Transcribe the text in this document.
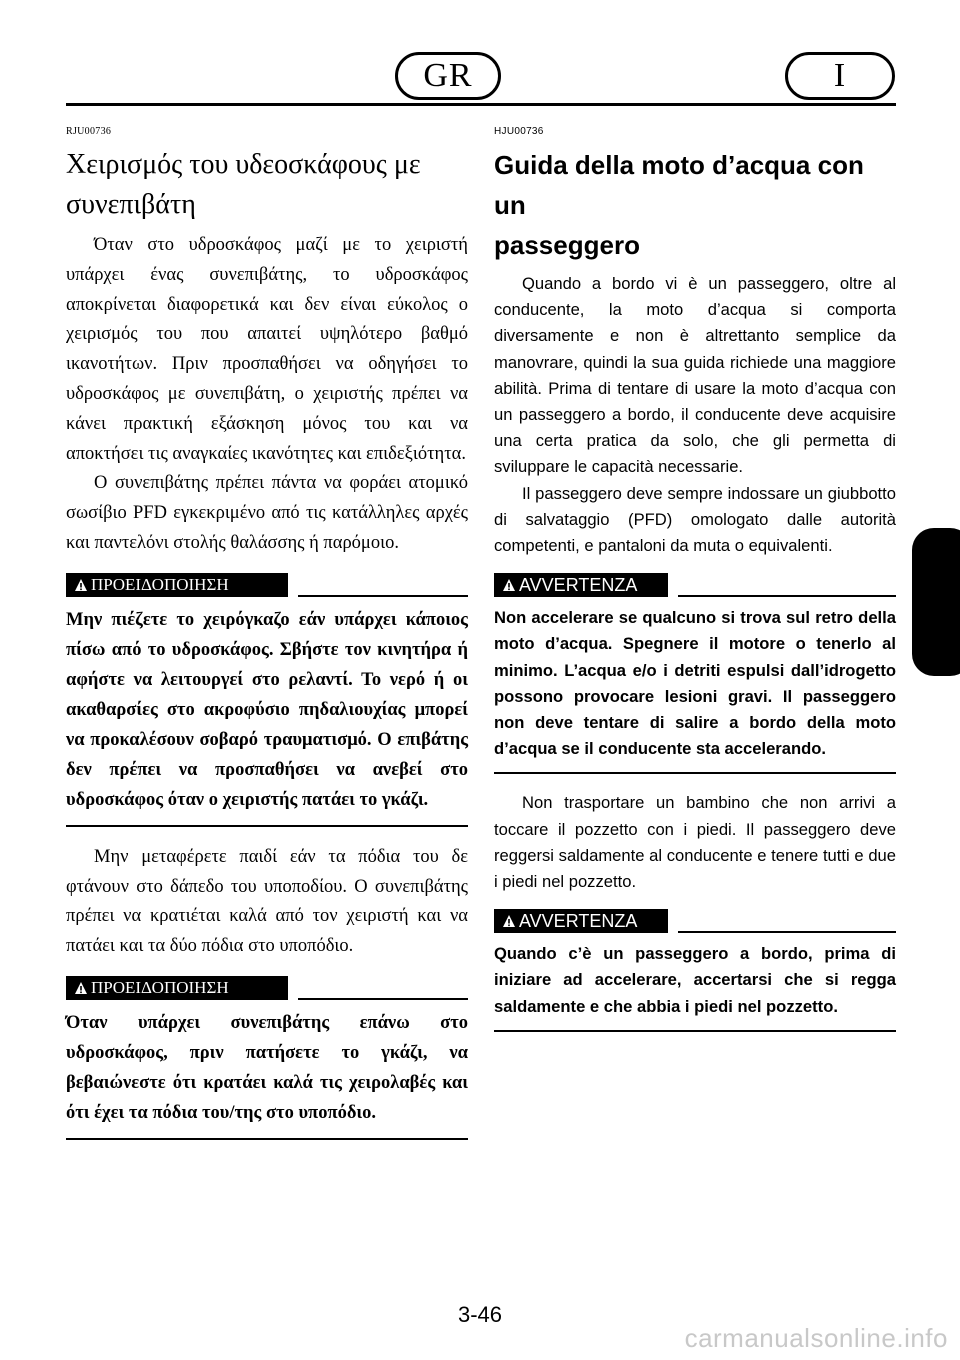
GR	I
RJU00736
Χειρισμός του υδεοσκάφους με
συνεπιβάτη

Όταν στο υδροσκάφος μαζί με το χειριστή υπάρχει ένας συνεπιβάτης, το υδροσκάφος αποκρίνεται διαφορετικά και δεν είναι εύκολος ο χειρισμός του που απαιτεί υψηλότερο βαθμό ικανοτήτων. Πριν προσπαθήσει να οδηγήσει το υδροσκάφος με συνεπιβάτη, ο χειριστής πρέπει να κάνει πρακτική εξάσκηση μόνος του και να αποκτήσει τις αναγκαίες ικανότητες και επιδεξιότητα.

Ο συνεπιβάτης πρέπει πάντα να φοράει ατομικό σωσίβιο PFD εγκεκριμένο από τις κατάλληλες αρχές και παντελόνι στολής θαλάσσης ή παρόμοιο.

ΠΡΟΕΙΔΟΠΟΙΗΣΗ
Μην πιέζετε το χειρόγκαζο εάν υπάρχει κάποιος πίσω από το υδροσκάφος. Σβήστε τον κινητήρα ή αφήστε να λειτουργεί στο ρελαντί. Το νερό ή οι ακαθαρσίες στο ακροφύσιο πηδαλιουχίας μπορεί να προκαλέσουν σοβαρό τραυματισμό. Ο επιβάτης δεν πρέπει να προσπαθήσει να ανεβεί στο υδροσκάφος όταν ο χειριστής πατάει το γκάζι.

Μην μεταφέρετε παιδί εάν τα πόδια του δε φτάνουν στο δάπεδο του υποποδίου. Ο συνεπιβάτης πρέπει να κρατιέται καλά από τον χειριστή και να πατάει και τα δύο πόδια στο υποπόδιο.

ΠΡΟΕΙΔΟΠΟΙΗΣΗ
Όταν υπάρχει συνεπιβάτης επάνω στο υδροσκάφος, πριν πατήσετε το γκάζι, να βεβαιώνεστε ότι κρατάει καλά τις χειρολαβές και ότι έχει τα πόδια του/της στο υποπόδιο.
HJU00736
Guida della moto d’acqua con un
passeggero

Quando a bordo vi è un passeggero, oltre al conducente, la moto d’acqua si comporta diversamente e non è altrettanto semplice da manovrare, quindi la sua guida richiede una maggiore abilità. Prima di tentare di usare la moto d’acqua con un passeggero a bordo, il conducente deve acquisire una certa pratica da solo, che gli permetta di sviluppare le capacità necessarie.

Il passeggero deve sempre indossare un giubbotto di salvataggio (PFD) omologato dalle autorità competenti, e pantaloni da muta o equivalenti.

AVVERTENZA
Non accelerare se qualcuno si trova sul retro della moto d’acqua. Spegnere il motore o tenerlo al minimo. L’acqua e/o i detriti espulsi dall’idrogetto possono provocare lesioni gravi. Il passeggero non deve tentare di salire a bordo della moto d’acqua se il conducente sta accelerando.

Non trasportare un bambino che non arrivi a toccare il pozzetto con i piedi. Il passeggero deve reggersi saldamente al conducente e tenere tutti e due i piedi nel pozzetto.

AVVERTENZA
Quando c’è un passeggero a bordo, prima di iniziare ad accelerare, accertarsi che si regga saldamente e che abbia i piedi nel pozzetto.
3-46
carmanualsonline.info
